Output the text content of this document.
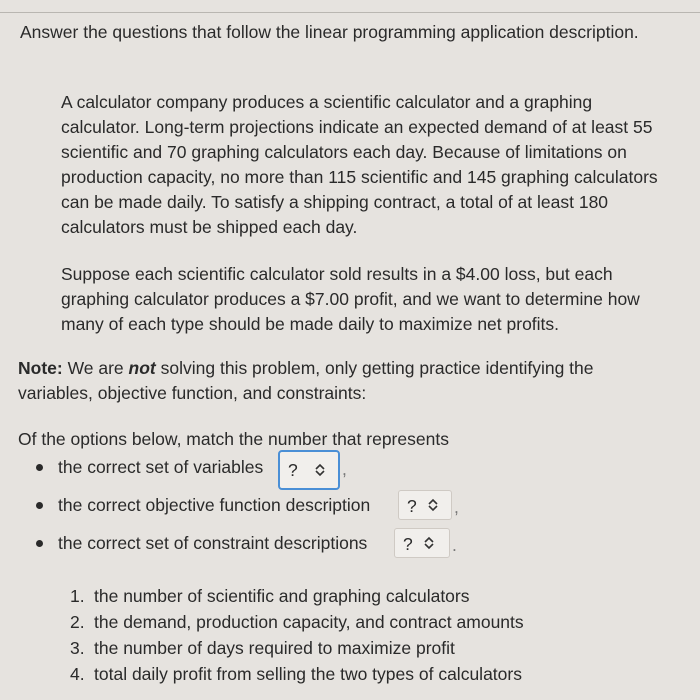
Answer the questions that follow the linear programming application description.
A calculator company produces a scientific calculator and a graphing calculator. Long-term projections indicate an expected demand of at least 55 scientific and 70 graphing calculators each day. Because of limitations on production capacity, no more than 115 scientific and 145 graphing calculators can be made daily. To satisfy a shipping contract, a total of at least 180 calculators must be shipped each day.
Suppose each scientific calculator sold results in a $4.00 loss, but each graphing calculator produces a $7.00 profit, and we want to determine how many of each type should be made daily to maximize net profits.
Note: We are not solving this problem, only getting practice identifying the variables, objective function, and constraints:
Of the options below, match the number that represents
the correct set of variables	?	,
the correct objective function description	?	,
the correct set of constraint descriptions	?	.
1. the number of scientific and graphing calculators
2. the demand, production capacity, and contract amounts
3. the number of days required to maximize profit
4. total daily profit from selling the two types of calculators
